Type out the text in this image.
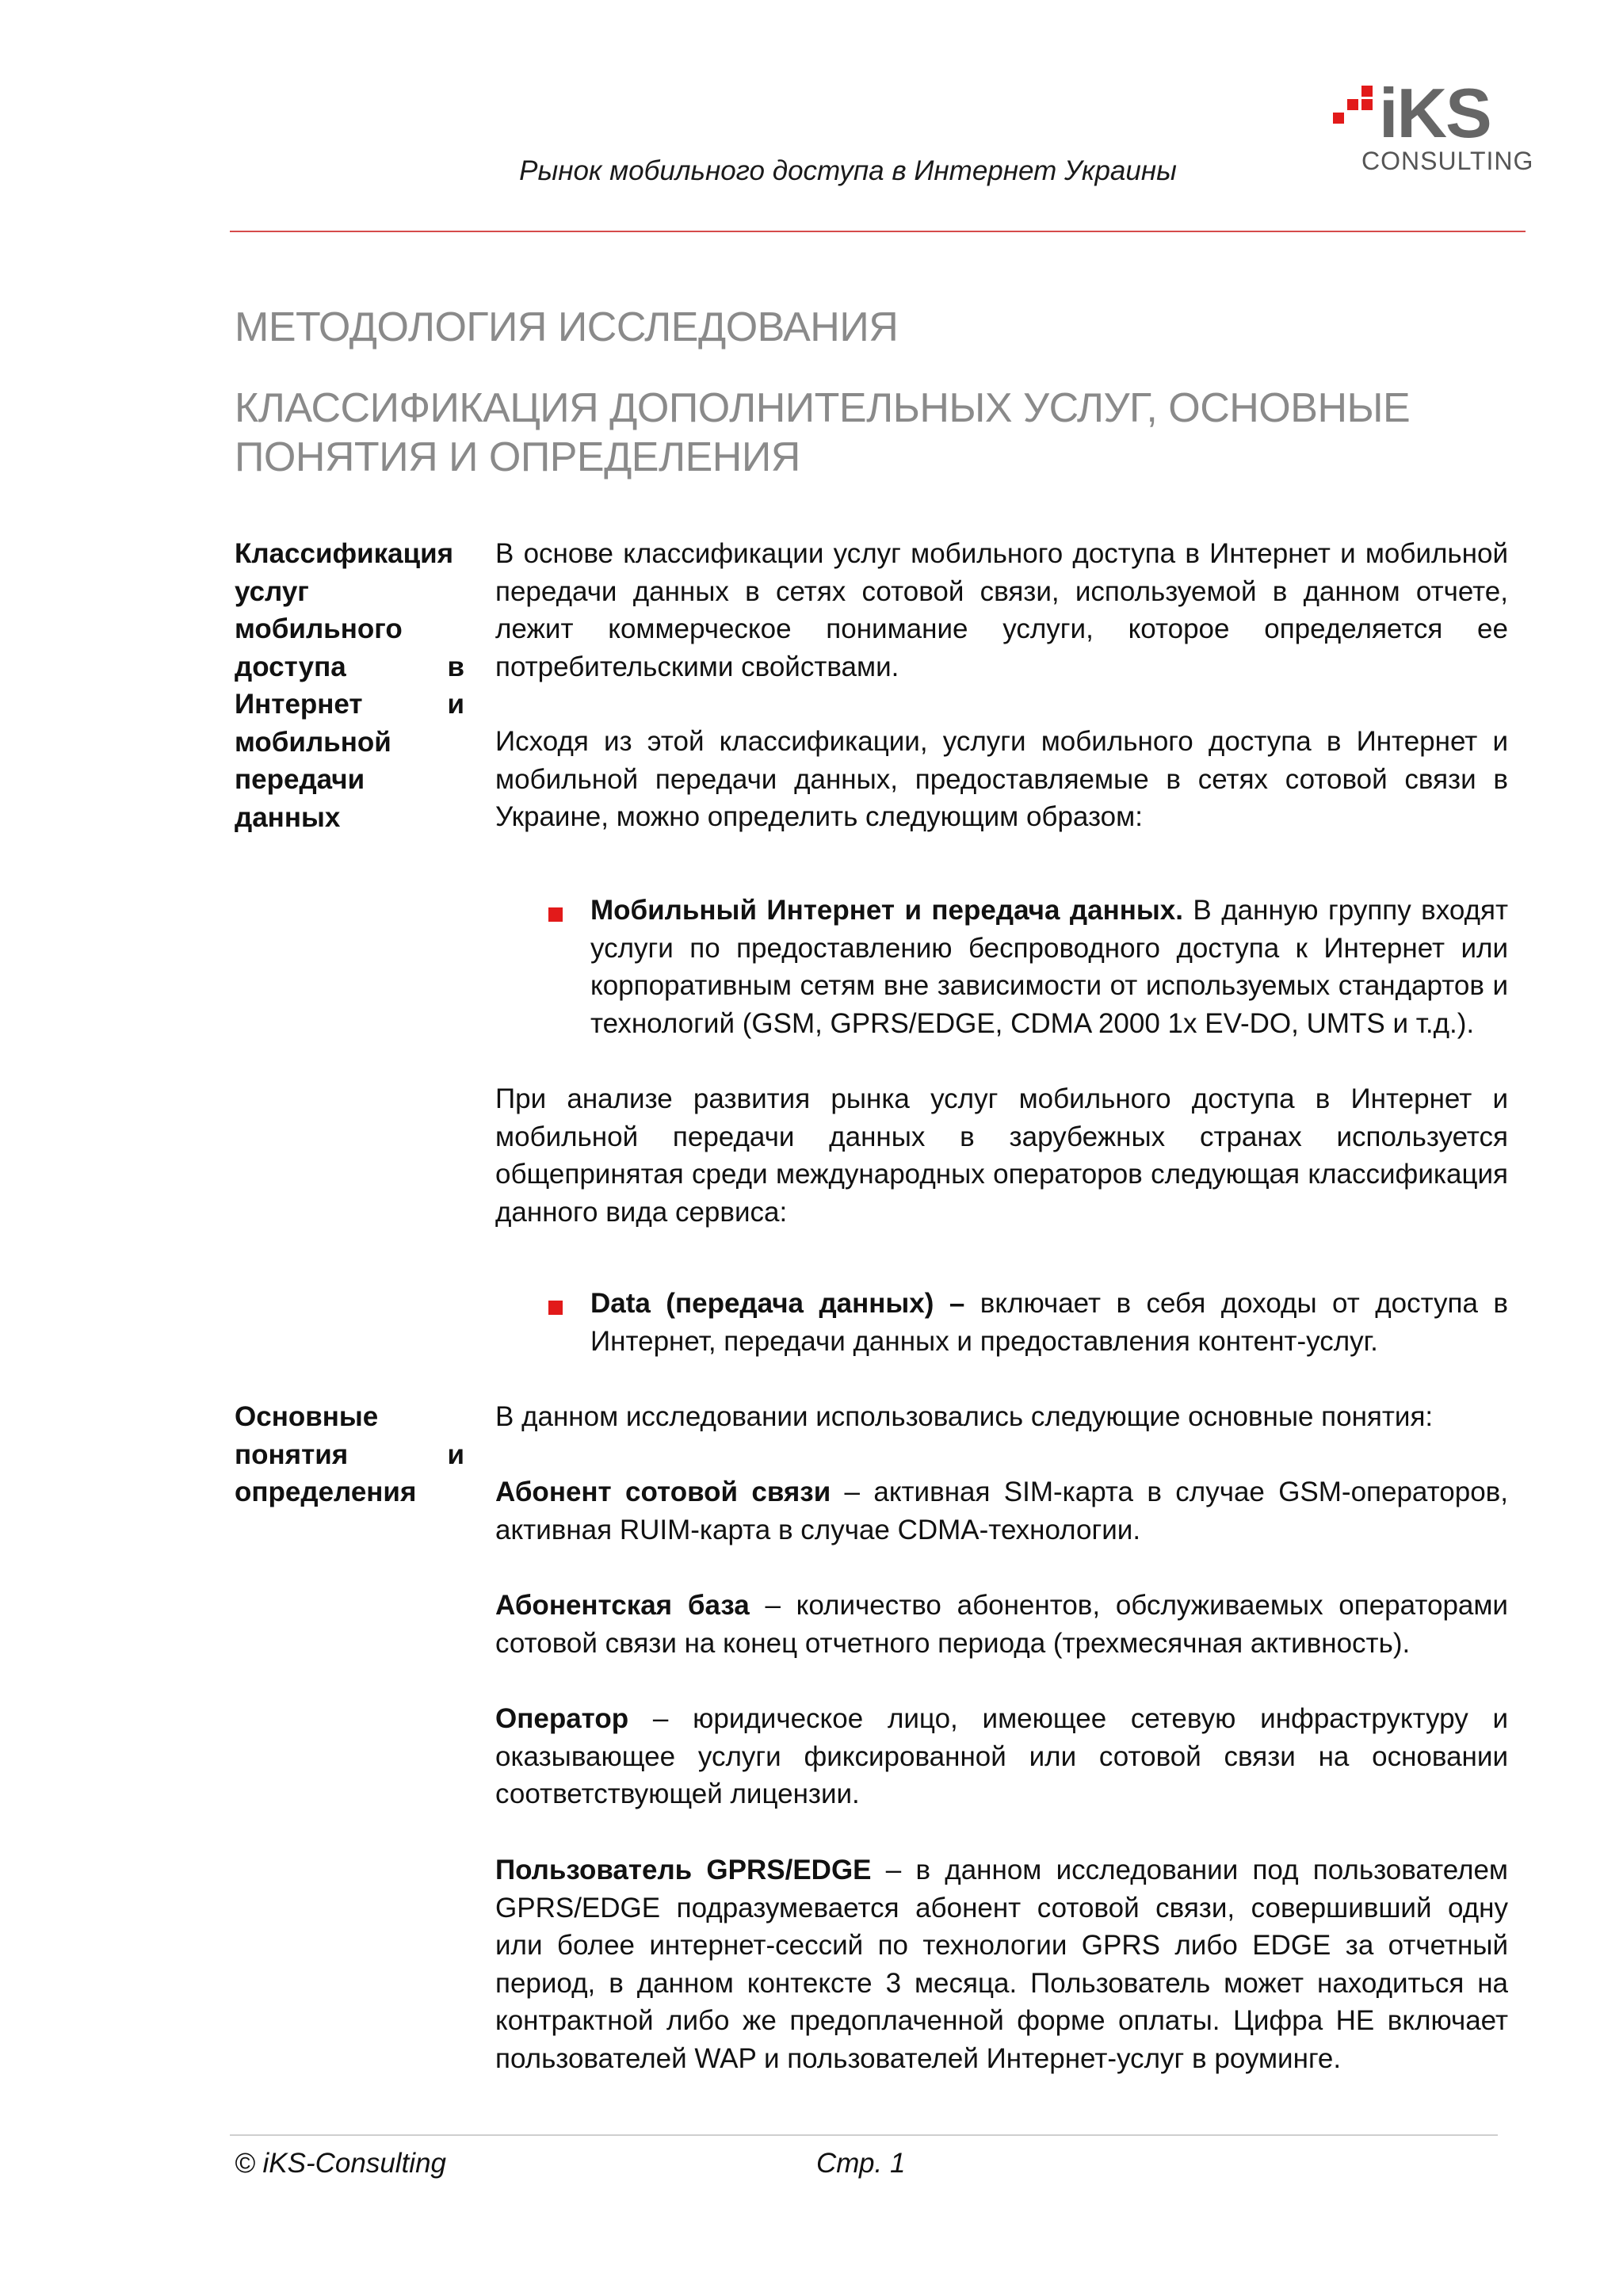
iKS
CONSULTING
Рынок мобильного доступа в Интернет Украины
МЕТОДОЛОГИЯ ИССЛЕДОВАНИЯ
КЛАССИФИКАЦИЯ ДОПОЛНИТЕЛЬНЫХ УСЛУГ, ОСНОВНЫЕ ПОНЯТИЯ И ОПРЕДЕЛЕНИЯ
Классификация услуг мобильного доступа в Интернет и мобильной передачи данных

В основе классификации услуг мобильного доступа в Интернет и мобильной передачи данных в сетях сотовой связи, используемой в данном отчете, лежит коммерческое понимание услуги, которое определяется ее потребительскими свойствами.

Исходя из этой классификации, услуги мобильного доступа в Интернет и мобильной передачи данных, предоставляемые в сетях сотовой связи в Украине, можно определить следующим образом:

Мобильный Интернет и передача данных. В данную группу входят услуги по предоставлению беспроводного доступа к Интернет или корпоративным сетям вне зависимости от используемых стандартов и технологий (GSM, GPRS/EDGE, CDMA 2000 1x EV-DO, UMTS и т.д.).

При анализе развития рынка услуг мобильного доступа в Интернет и мобильной передачи данных в зарубежных странах используется общепринятая среди международных операторов следующая классификация данного вида сервиса:

Data (передача данных) – включает в себя доходы от доступа в Интернет, передачи данных и предоставления контент-услуг.
Основные понятия и определения

В данном исследовании использовались следующие основные понятия:

Абонент сотовой связи – активная SIM-карта в случае GSM-операторов, активная RUIM-карта в случае CDMA-технологии.

Абонентская база – количество абонентов, обслуживаемых операторами сотовой связи на конец отчетного периода (трехмесячная активность).

Оператор – юридическое лицо, имеющее сетевую инфраструктуру и оказывающее услуги фиксированной или сотовой связи на основании соответствующей лицензии.

Пользователь GPRS/EDGE – в данном исследовании под пользователем GPRS/EDGE подразумевается абонент сотовой связи, совершивший одну или более интернет-сессий по технологии GPRS либо EDGE за отчетный период, в данном контексте 3 месяца. Пользователь может находиться на контрактной либо же предоплаченной форме оплаты. Цифра НЕ включает пользователей WAP и пользователей Интернет-услуг в роуминге.

© iKS-Consulting	Стр. 1
